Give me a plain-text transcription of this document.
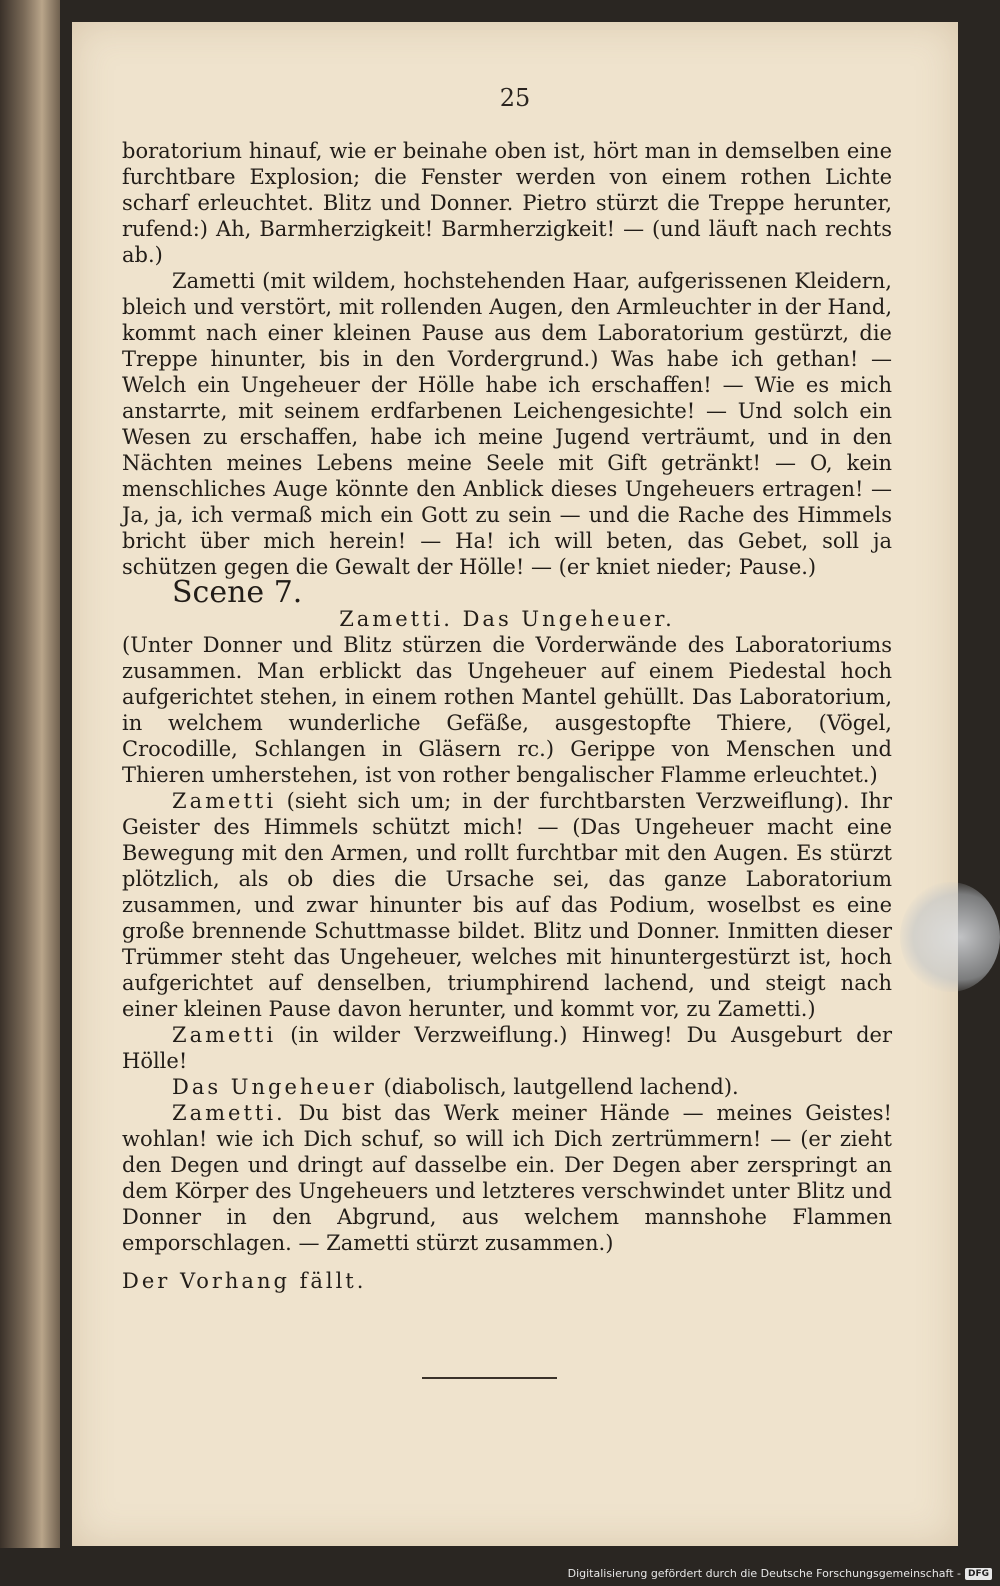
25

boratorium hinauf, wie er beinahe oben ist, hört man in demselben eine furchtbare Explosion; die Fenster werden von einem rothen Lichte scharf erleuchtet. Blitz und Donner. Pietro stürzt die Treppe herunter, rufend:) Ah, Barmherzigkeit! Barmherzigkeit! — (und läuft nach rechts ab.)

Zametti (mit wildem, hochstehenden Haar, aufgerissenen Kleidern, bleich und verstört, mit rollenden Augen, den Armleuchter in der Hand, kommt nach einer kleinen Pause aus dem Laboratorium gestürzt, die Treppe hinunter, bis in den Vordergrund.) Was habe ich gethan! — Welch ein Ungeheuer der Hölle habe ich erschaffen! — Wie es mich anstarrte, mit seinem erdfarbenen Leichengesichte! — Und solch ein Wesen zu erschaffen, habe ich meine Jugend verträumt, und in den Nächten meines Lebens meine Seele mit Gift getränkt! — O, kein menschliches Auge könnte den Anblick dieses Ungeheuers ertragen! — Ja, ja, ich vermaß mich ein Gott zu sein — und die Rache des Himmels bricht über mich herein! — Ha! ich will beten, das Gebet, soll ja schützen gegen die Gewalt der Hölle! — (er kniet nieder; Pause.)

Scene 7.

Zametti. Das Ungeheuer.

(Unter Donner und Blitz stürzen die Vorderwände des Laboratoriums zusammen. Man erblickt das Ungeheuer auf einem Piedestal hoch aufgerichtet stehen, in einem rothen Mantel gehüllt. Das Laboratorium, in welchem wunderliche Gefäße, ausgestopfte Thiere, (Vögel, Crocodille, Schlangen in Gläsern rc.) Gerippe von Menschen und Thieren umherstehen, ist von rother bengalischer Flamme erleuchtet.)

Zametti (sieht sich um; in der furchtbarsten Verzweiflung). Ihr Geister des Himmels schützt mich! — (Das Ungeheuer macht eine Bewegung mit den Armen, und rollt furchtbar mit den Augen. Es stürzt plötzlich, als ob dies die Ursache sei, das ganze Laboratorium zusammen, und zwar hinunter bis auf das Podium, woselbst es eine große brennende Schuttmasse bildet. Blitz und Donner. Inmitten dieser Trümmer steht das Ungeheuer, welches mit hinuntergestürzt ist, hoch aufgerichtet auf denselben, triumphirend lachend, und steigt nach einer kleinen Pause davon herunter, und kommt vor, zu Zametti.)

Zametti (in wilder Verzweiflung.) Hinweg! Du Ausgeburt der Hölle!

Das Ungeheuer (diabolisch, lautgellend lachend).

Zametti. Du bist das Werk meiner Hände — meines Geistes! wohlan! wie ich Dich schuf, so will ich Dich zertrümmern! — (er zieht den Degen und dringt auf dasselbe ein. Der Degen aber zerspringt an dem Körper des Ungeheuers und letzteres verschwindet unter Blitz und Donner in den Abgrund, aus welchem mannshohe Flammen emporschlagen. — Zametti stürzt zusammen.)

Der Vorhang fällt.

Digitalisierung gefördert durch die Deutsche Forschungsgemeinschaft - DFG
